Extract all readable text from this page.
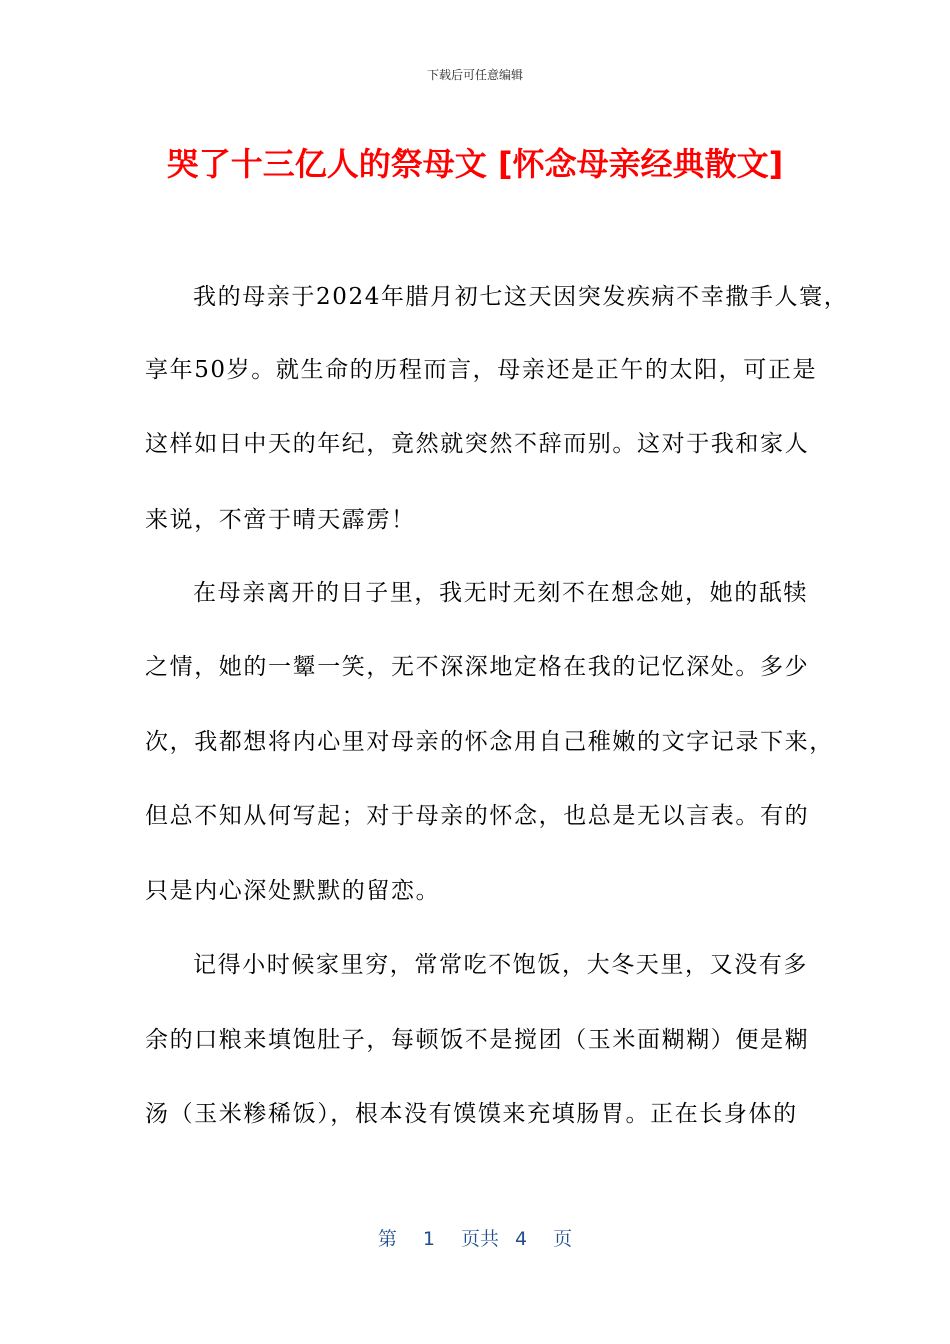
下载后可任意编辑
哭了十三亿人的祭母文 [怀念母亲经典散文]

我的母亲于2024年腊月初七这天因突发疾病不幸撒手人寰，

享年50岁。就生命的历程而言，母亲还是正午的太阳，可正是

这样如日中天的年纪，竟然就突然不辞而别。这对于我和家人

来说，不啻于晴天霹雳！

在母亲离开的日子里，我无时无刻不在想念她，她的舐犊

之情，她的一颦一笑，无不深深地定格在我的记忆深处。多少

次，我都想将内心里对母亲的怀念用自己稚嫩的文字记录下来，

但总不知从何写起；对于母亲的怀念，也总是无以言表。有的

只是内心深处默默的留恋。

记得小时候家里穷，常常吃不饱饭，大冬天里，又没有多

余的口粮来填饱肚子，每顿饭不是搅团（玉米面糊糊）便是糊

汤（玉米糁稀饭），根本没有馍馍来充填肠胃。正在长身体的

第 1 页共 4 页
